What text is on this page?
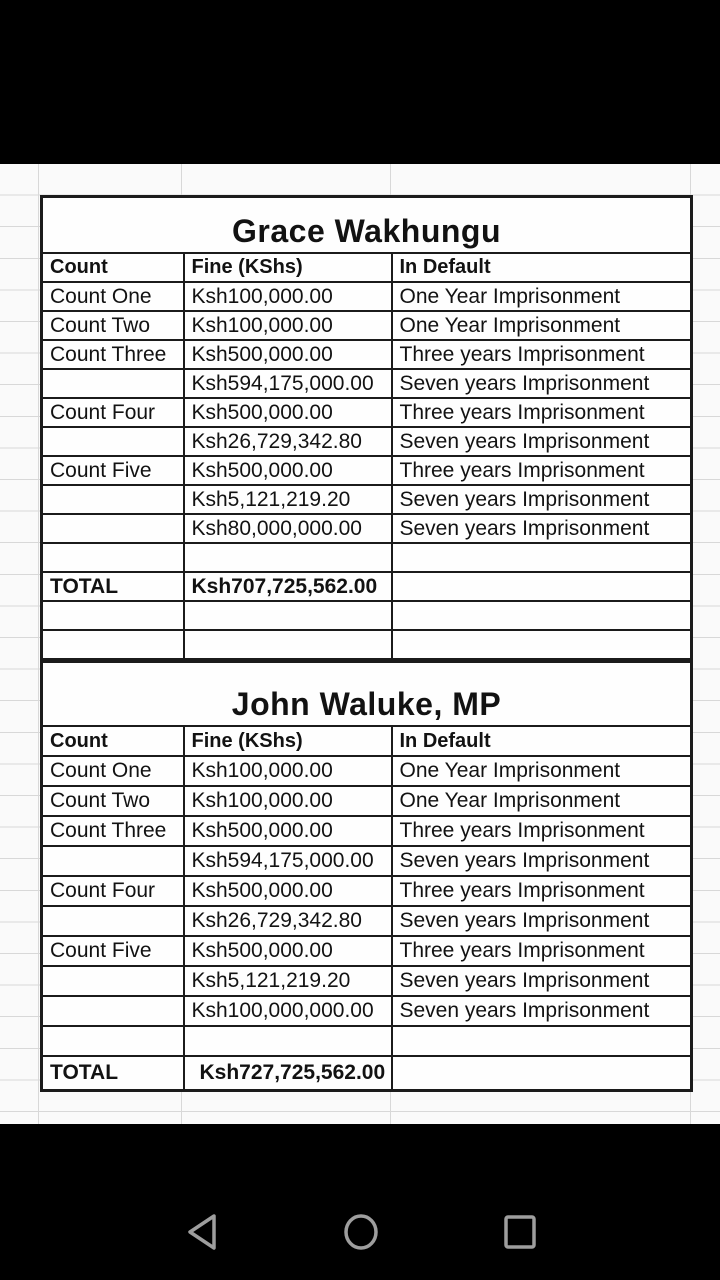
Grace Wakhungu		
Count	Fine (KShs)	In Default
Count One	Ksh100,000.00	One Year Imprisonment
Count Two	Ksh100,000.00	One Year Imprisonment
Count Three	Ksh500,000.00	Three years Imprisonment
	Ksh594,175,000.00	Seven years Imprisonment
Count Four	Ksh500,000.00	Three years Imprisonment
	Ksh26,729,342.80	Seven years Imprisonment
Count Five	Ksh500,000.00	Three years Imprisonment
	Ksh5,121,219.20	Seven years Imprisonment
	Ksh80,000,000.00	Seven years Imprisonment

TOTAL	Ksh707,725,562.00	

John Waluke, MP		
Count	Fine (KShs)	In Default
Count One	Ksh100,000.00	One Year Imprisonment
Count Two	Ksh100,000.00	One Year Imprisonment
Count Three	Ksh500,000.00	Three years Imprisonment
	Ksh594,175,000.00	Seven years Imprisonment
Count Four	Ksh500,000.00	Three years Imprisonment
	Ksh26,729,342.80	Seven years Imprisonment
Count Five	Ksh500,000.00	Three years Imprisonment
	Ksh5,121,219.20	Seven years Imprisonment
	Ksh100,000,000.00	Seven years Imprisonment

TOTAL	Ksh727,725,562.00	
